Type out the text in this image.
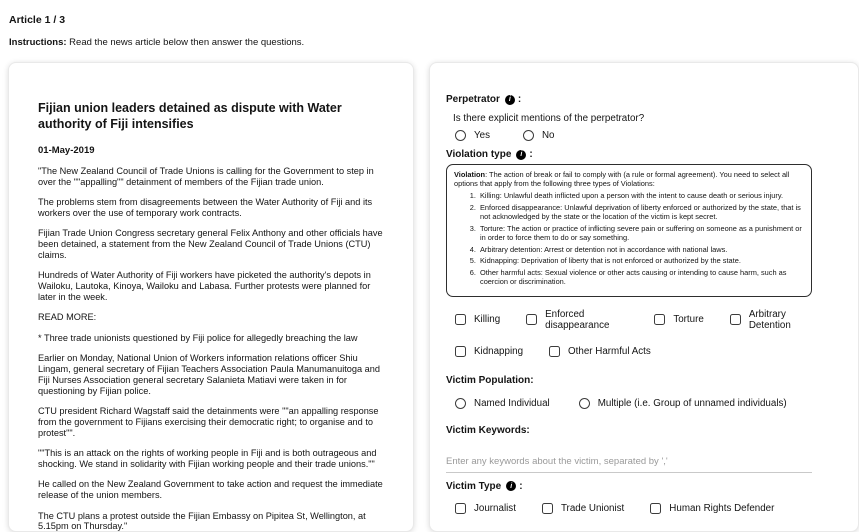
Article 1 / 3
Instructions: Read the news article below then answer the questions.
Fijian union leaders detained as dispute with Water authority of Fiji intensifies
01-May-2019

"The New Zealand Council of Trade Unions is calling for the Government to step in over the ""appalling"" detainment of members of the Fijian trade union.

The problems stem from disagreements between the Water Authority of Fiji and its workers over the use of temporary work contracts.

Fijian Trade Union Congress secretary general Felix Anthony and other officials have been detained, a statement from the New Zealand Council of Trade Unions (CTU) claims.

Hundreds of Water Authority of Fiji workers have picketed the authority's depots in Wailoku, Lautoka, Kinoya, Wailoku and Labasa. Further protests were planned for later in the week.

READ MORE:

* Three trade unionists questioned by Fiji police for allegedly breaching the law

Earlier on Monday, National Union of Workers information relations officer Shiu Lingam, general secretary of Fijian Teachers Association Paula Manumanuitoga and Fiji Nurses Association general secretary Salanieta Matiavi were taken in for questioning by Fijian police.

CTU president Richard Wagstaff said the detainments were ""an appalling response from the government to Fijians exercising their democratic right; to organise and to protest"".

""This is an attack on the rights of working people in Fiji and is both outrageous and shocking. We stand in solidarity with Fijian working people and their trade unions.""

He called on the New Zealand Government to take action and request the immediate release of the union members.

The CTU plans a protest outside the Fijian Embassy on Pipitea St, Wellington, at 5.15pm on Thursday."

Perpetrator	i :
Is there explicit mentions of the perpetrator?
Yes	No
Violation type	i :
Violation: The action of break or fail to comply with (a rule or formal agreement). You need to select all options that apply from the following three types of Violations:
1. Killing: Unlawful death inflicted upon a person with the intent to cause death or serious injury.
2. Enforced disappearance: Unlawful deprivation of liberty enforced or authorized by the state, that is not acknowledged by the state or the location of the victim is kept secret.
3. Torture: The action or practice of inflicting severe pain or suffering on someone as a punishment or in order to force them to do or say something.
4. Arbitrary detention: Arrest or detention not in accordance with national laws.
5. Kidnapping: Deprivation of liberty that is not enforced or authorized by the state.
6. Other harmful acts: Sexual violence or other acts causing or intending to cause harm, such as coercion or discrimination.
Killing	Enforced disappearance	Torture	Arbitrary Detention
Kidnapping	Other Harmful Acts
Victim Population:
Named Individual	Multiple (i.e. Group of unnamed individuals)
Victim Keywords:
Enter any keywords about the victim, separated by ','
Victim Type	i :
Journalist	Trade Unionist	Human Rights Defender
